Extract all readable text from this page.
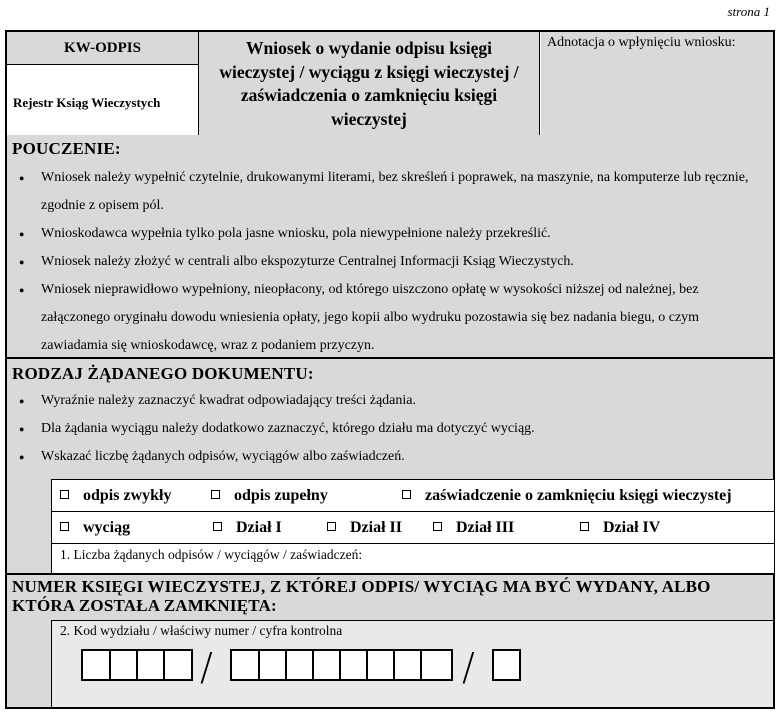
strona 1
KW-ODPIS
Rejestr Ksiąg Wieczystych
Wniosek o wydanie odpisu księgi
wieczystej / wyciągu z księgi wieczystej /
zaświadczenia o zamknięciu księgi
wieczystej
Adnotacja o wpłynięciu wniosku:
POUCZENIE:
● Wniosek należy wypełnić czytelnie, drukowanymi literami, bez skreśleń i poprawek, na maszynie, na komputerze lub ręcznie, zgodnie z opisem pól.
● Wnioskodawca wypełnia tylko pola jasne wniosku, pola niewypełnione należy przekreślić.
● Wniosek należy złożyć w centrali albo ekspozyturze Centralnej Informacji Ksiąg Wieczystych.
● Wniosek nieprawidłowo wypełniony, nieopłacony, od którego uiszczono opłatę w wysokości niższej od należnej, bez załączonego oryginału dowodu wniesienia opłaty, jego kopii albo wydruku pozostawia się bez nadania biegu, o czym zawiadamia się wnioskodawcę, wraz z podaniem przyczyn.
RODZAJ ŻĄDANEGO DOKUMENTU:
● Wyraźnie należy zaznaczyć kwadrat odpowiadający treści żądania.
● Dla żądania wyciągu należy dodatkowo zaznaczyć, którego działu ma dotyczyć wyciąg.
● Wskazać liczbę żądanych odpisów, wyciągów albo zaświadczeń.
odpis zwykły	odpis zupełny	zaświadczenie o zamknięciu księgi wieczystej
wyciąg	Dział I	Dział II	Dział III	Dział IV
1. Liczba żądanych odpisów / wyciągów / zaświadczeń:
NUMER KSIĘGI WIECZYSTEJ, Z KTÓREJ ODPIS/ WYCIĄG MA BYĆ WYDANY, ALBO
KTÓRA ZOSTAŁA ZAMKNIĘTA:
2. Kod wydziału / właściwy numer / cyfra kontrolna
/	/
